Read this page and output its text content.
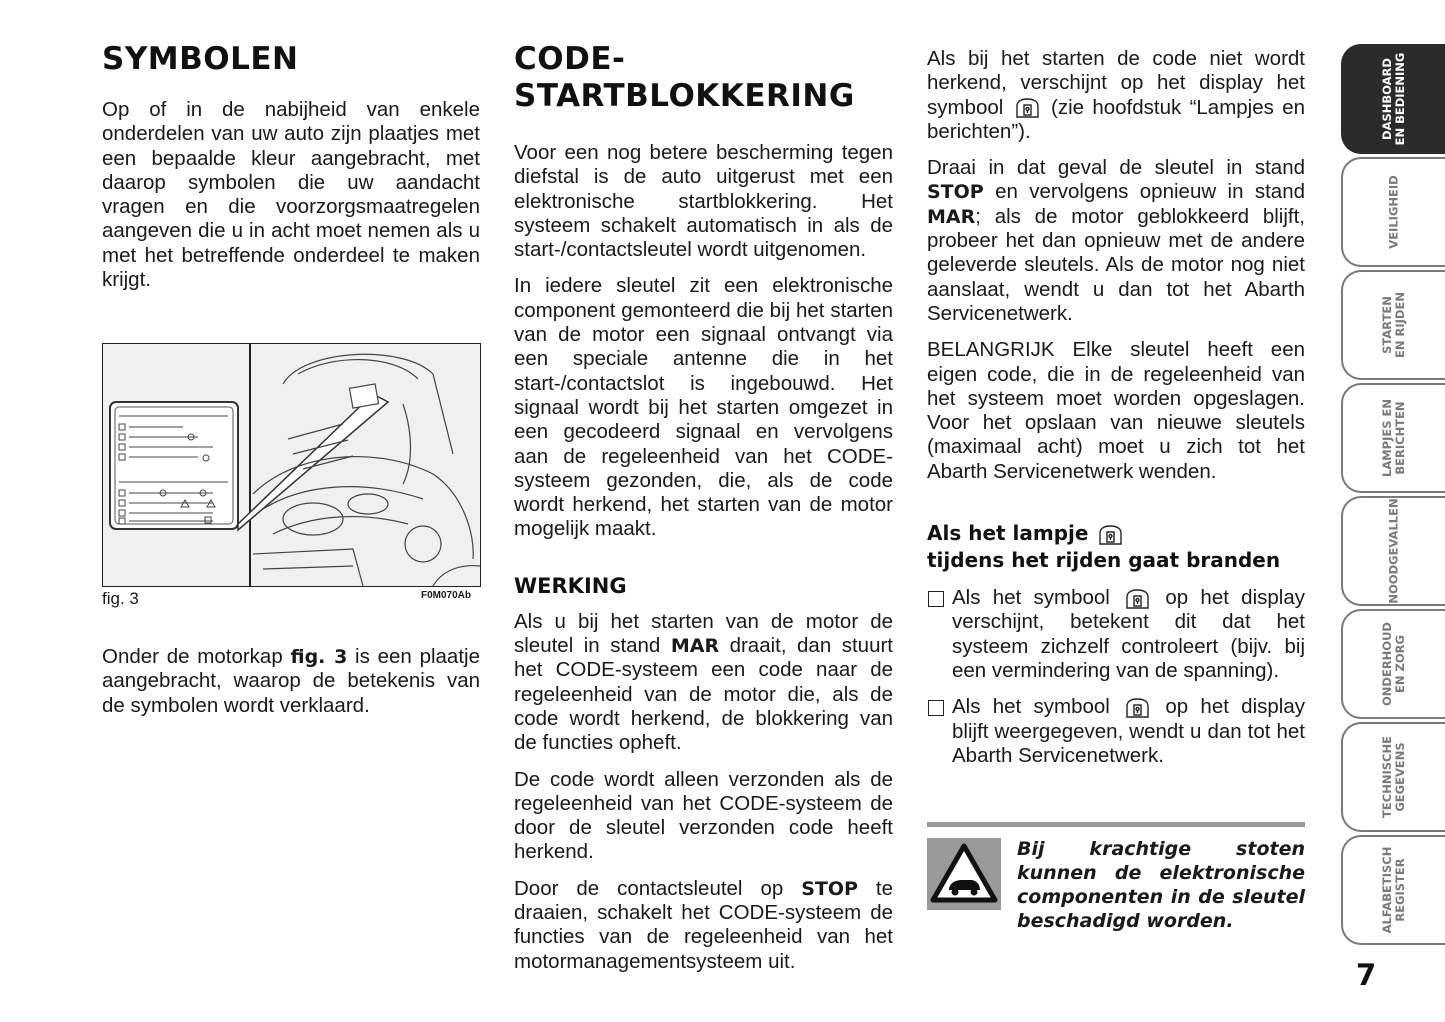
SYMBOLEN

Op of in de nabijheid van enkele onderdelen van uw auto zijn plaatjes met een bepaalde kleur aangebracht, met daarop symbolen die uw aandacht vragen en die voorzorgsmaatregelen aangeven die u in acht moet nemen als u met het betreffende onderdeel te maken krijgt.

fig. 3	F0M070Ab

Onder de motorkap fig. 3 is een plaatje aangebracht, waarop de betekenis van de symbolen wordt verklaard.

CODE-
STARTBLOKKERING

Voor een nog betere bescherming tegen diefstal is de auto uitgerust met een elektronische startblokkering. Het systeem schakelt automatisch in als de start-/contactsleutel wordt uitgenomen.

In iedere sleutel zit een elektronische component gemonteerd die bij het starten van de motor een signaal ontvangt via een speciale antenne die in het start-/contactslot is ingebouwd. Het signaal wordt bij het starten omgezet in een gecodeerd signaal en vervolgens aan de regeleenheid van het CODE-systeem gezonden, die, als de code wordt herkend, het starten van de motor mogelijk maakt.

WERKING

Als u bij het starten van de motor de sleutel in stand MAR draait, dan stuurt het CODE-systeem een code naar de regeleenheid van de motor die, als de code wordt herkend, de blokkering van de functies opheft.

De code wordt alleen verzonden als de regeleenheid van het CODE-systeem de door de sleutel verzonden code heeft herkend.

Door de contactsleutel op STOP te draaien, schakelt het CODE-systeem de functies van de regeleenheid van het motormanagementsysteem uit.

Als bij het starten de code niet wordt herkend, verschijnt op het display het symbool  (zie hoofdstuk “Lampjes en berichten”).

Draai in dat geval de sleutel in stand STOP en vervolgens opnieuw in stand MAR; als de motor geblokkeerd blijft, probeer het dan opnieuw met de andere geleverde sleutels. Als de motor nog niet aanslaat, wendt u dan tot het Abarth Servicenetwerk.

BELANGRIJK Elke sleutel heeft een eigen code, die in de regeleenheid van het systeem moet worden opgeslagen. Voor het opslaan van nieuwe sleutels (maximaal acht) moet u zich tot het Abarth Servicenetwerk wenden.

Als het lampje
tijdens het rijden gaat branden

Als het symbool  op het display verschijnt, betekent dit dat het systeem zichzelf controleert (bijv. bij een vermindering van de spanning).

Als het symbool  op het display blijft weergegeven, wendt u dan tot het Abarth Servicenetwerk.

Bij krachtige stoten kunnen de elektronische componenten in de sleutel beschadigd worden.
DASHBOARD
EN BEDIENING
VEILIGHEID
STARTEN
EN RIJDEN
LAMPJES EN
BERICHTEN
NOODGEVALLEN
ONDERHOUD
EN ZORG
TECHNISCHE
GEGEVENS
ALFABETISCH
REGISTER
7
